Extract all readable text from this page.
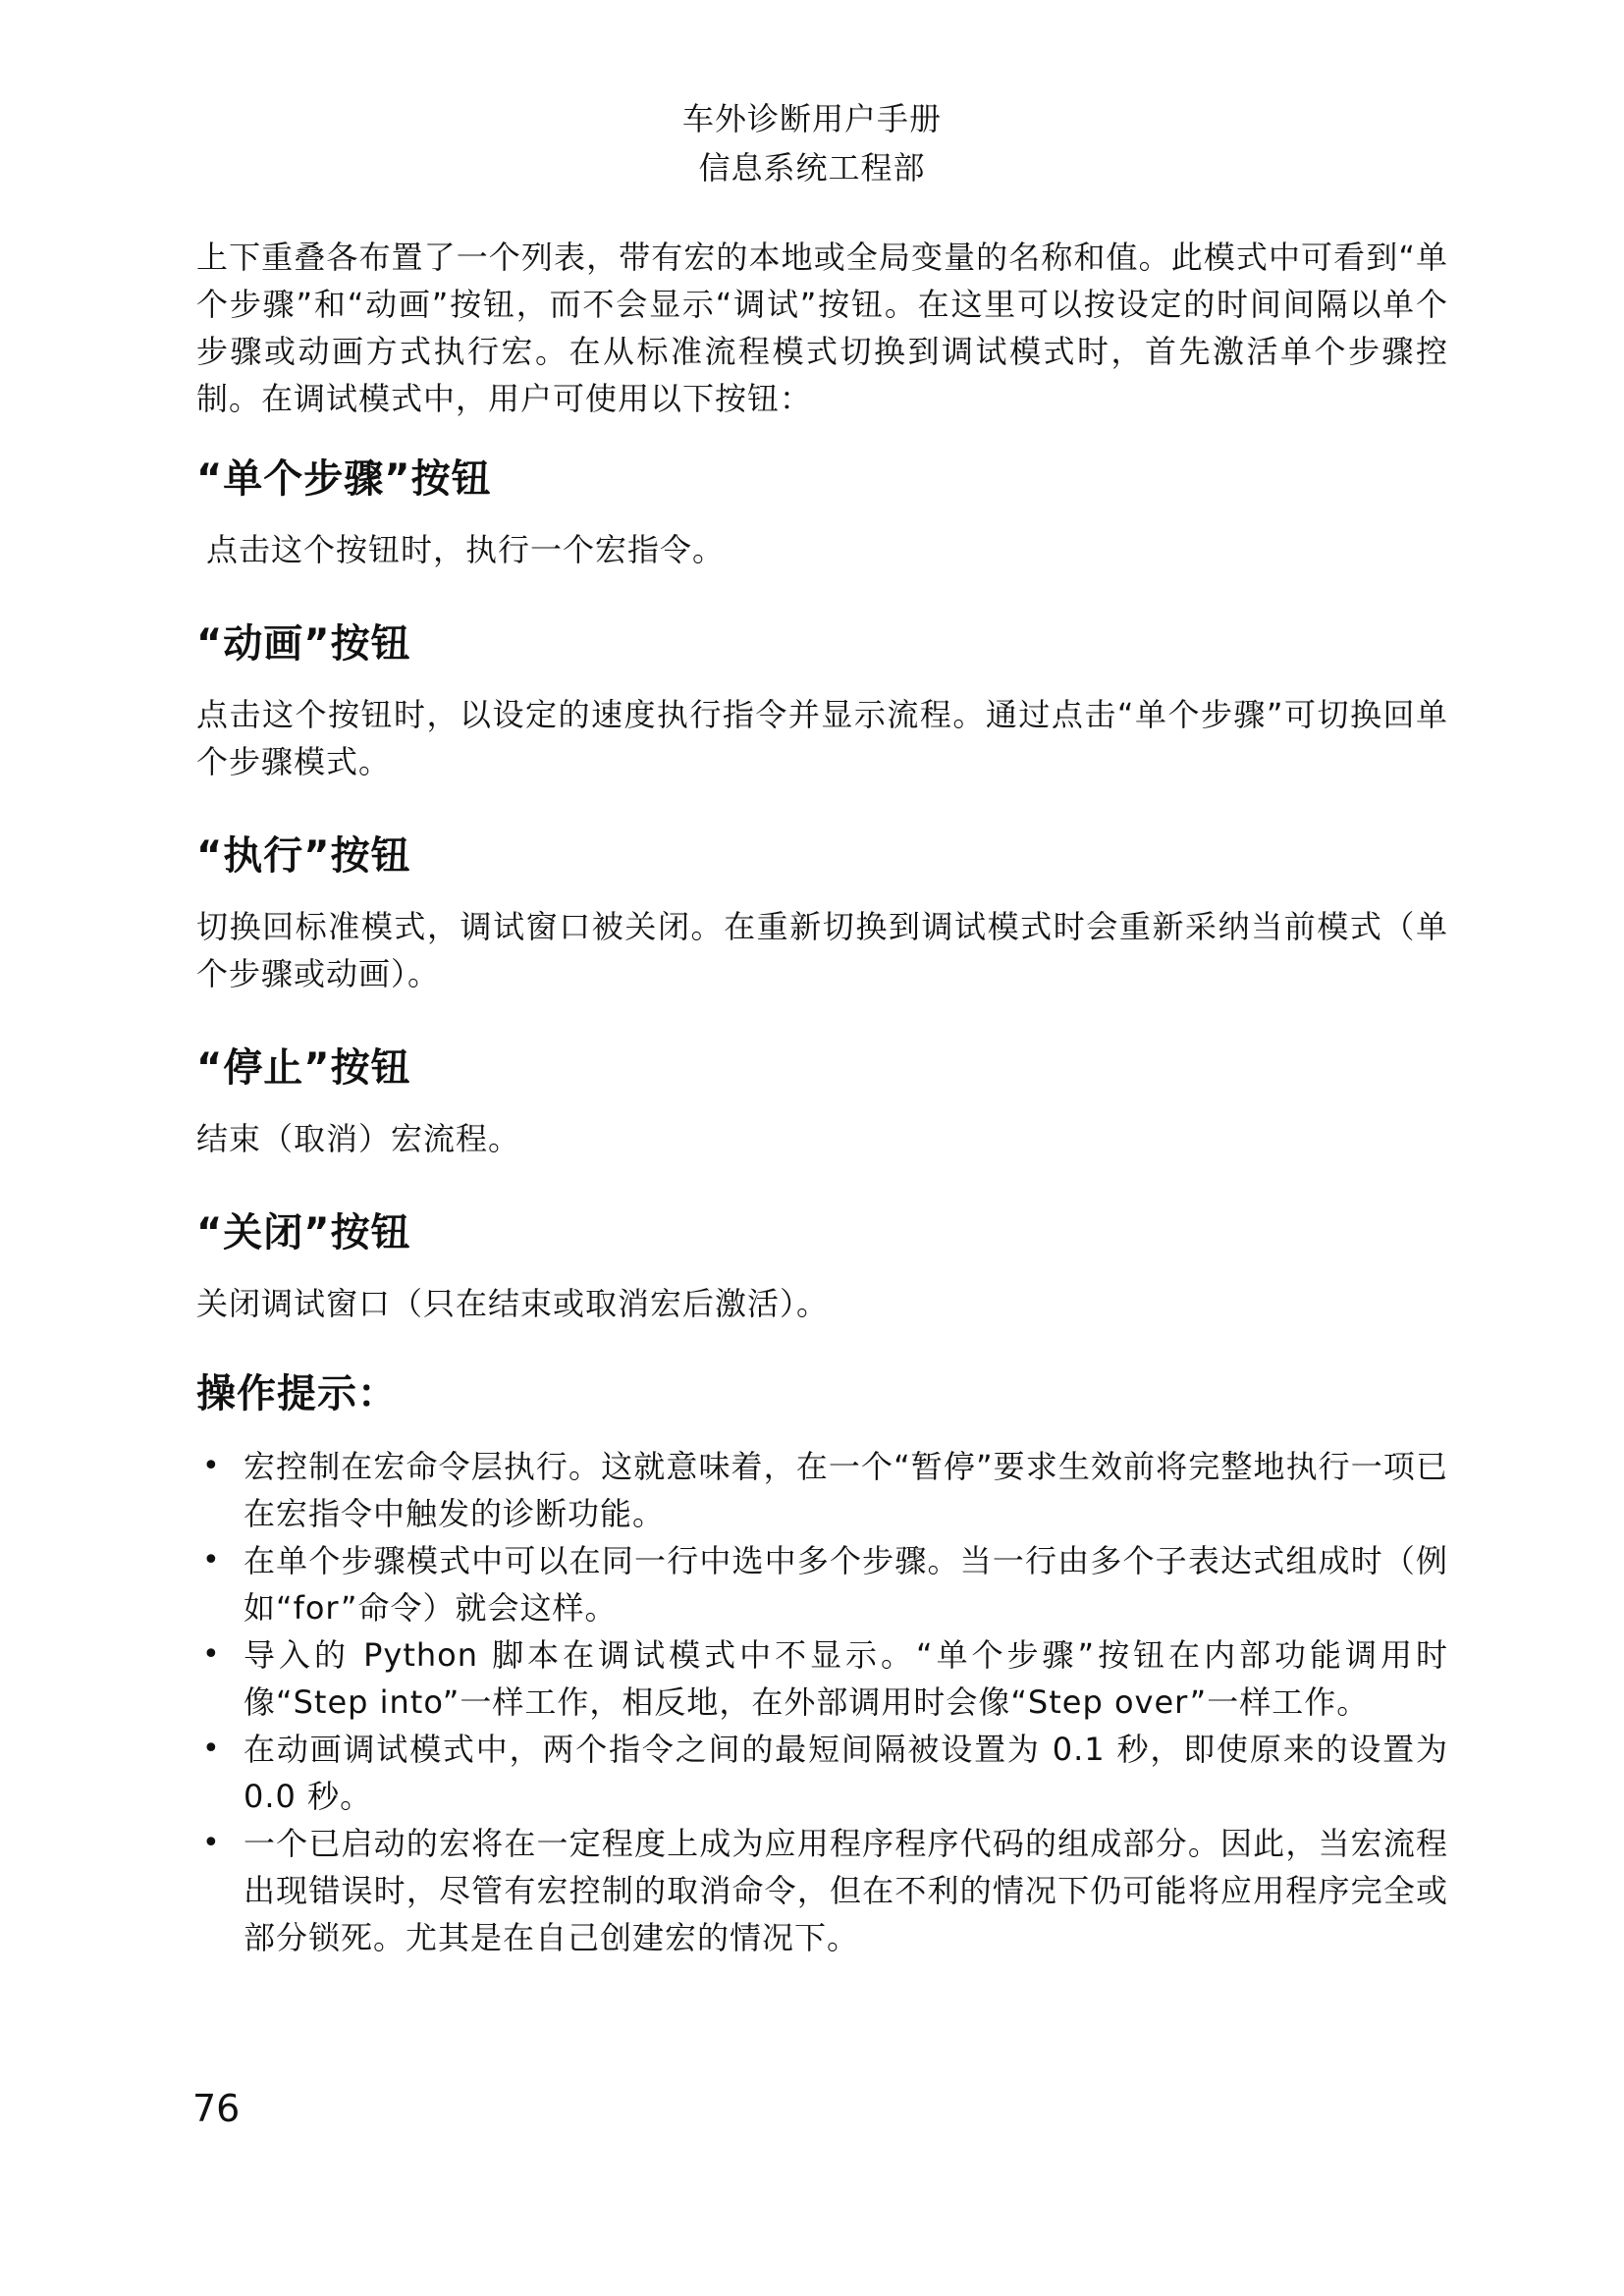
车外诊断用户手册
信息系统工程部

上下重叠各布置了一个列表，带有宏的本地或全局变量的名称和值。此模式中可看到“单个步骤”和“动画”按钮，而不会显示“调试”按钮。在这里可以按设定的时间间隔以单个步骤或动画方式执行宏。在从标准流程模式切换到调试模式时，首先激活单个步骤控制。在调试模式中，用户可使用以下按钮：

“单个步骤”按钮

点击这个按钮时，执行一个宏指令。

“动画”按钮

点击这个按钮时，以设定的速度执行指令并显示流程。通过点击“单个步骤”可切换回单个步骤模式。

“执行”按钮

切换回标准模式，调试窗口被关闭。在重新切换到调试模式时会重新采纳当前模式（单个步骤或动画）。

“停止”按钮

结束（取消）宏流程。

“关闭”按钮

关闭调试窗口（只在结束或取消宏后激活）。

操作提示：
• 宏控制在宏命令层执行。这就意味着，在一个“暂停”要求生效前将完整地执行一项已在宏指令中触发的诊断功能。
• 在单个步骤模式中可以在同一行中选中多个步骤。当一行由多个子表达式组成时（例如“for”命令）就会这样。
• 导入的 Python 脚本在调试模式中不显示。“单个步骤”按钮在内部功能调用时像“Step into”一样工作，相反地，在外部调用时会像“Step over”一样工作。
• 在动画调试模式中，两个指令之间的最短间隔被设置为 0.1 秒，即使原来的设置为 0.0 秒。
• 一个已启动的宏将在一定程度上成为应用程序程序代码的组成部分。因此，当宏流程出现错误时，尽管有宏控制的取消命令，但在不利的情况下仍可能将应用程序完全或部分锁死。尤其是在自己创建宏的情况下。
76
